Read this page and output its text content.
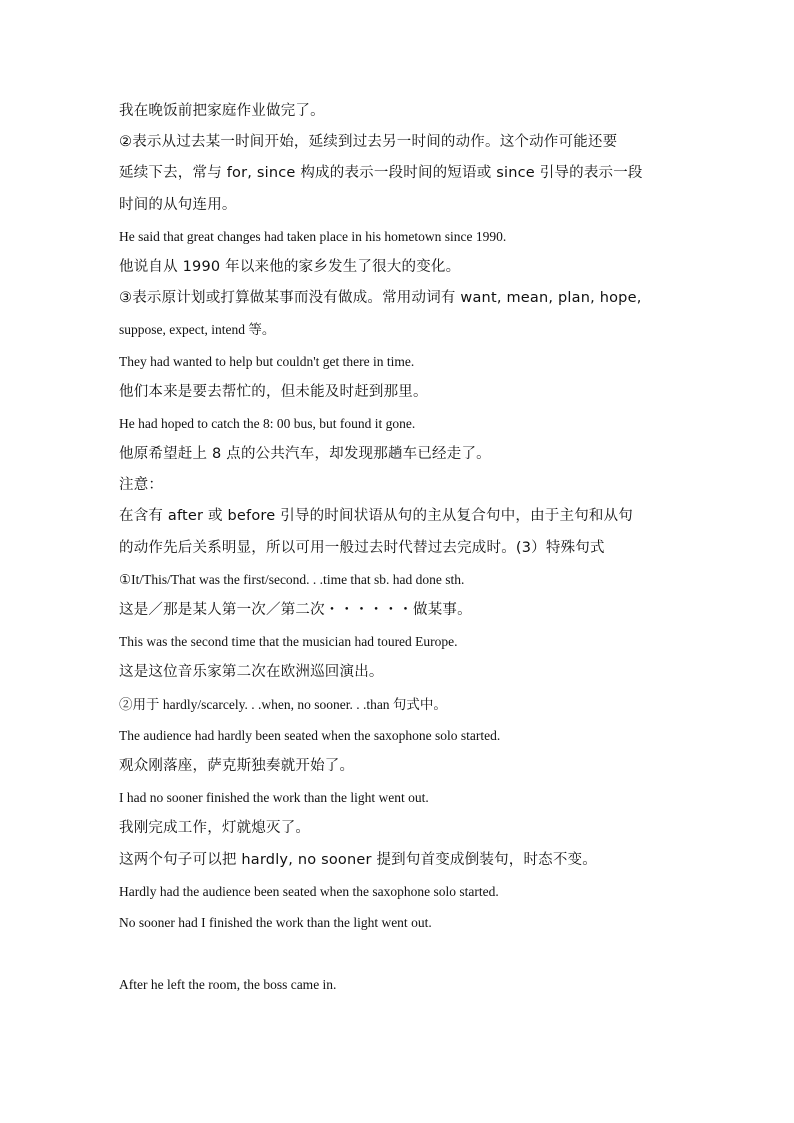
我在晚饭前把家庭作业做完了。

②表示从过去某一时间开始，延续到过去另一时间的动作。这个动作可能还要

延续下去，常与 for, since 构成的表示一段时间的短语或 since 引导的表示一段

时间的从句连用。

He said that great changes had taken place in his hometown since 1990.

他说自从 1990 年以来他的家乡发生了很大的变化。

③表示原计划或打算做某事而没有做成。常用动词有 want, mean, plan, hope,

suppose, expect, intend 等。

They had wanted to help but couldn't get there in time.

他们本来是要去帮忙的，但未能及时赶到那里。

He had hoped to catch the 8: 00 bus, but found it gone.

他原希望赶上 8 点的公共汽车，却发现那趟车已经走了。

注意：

在含有 after 或 before 引导的时间状语从句的主从复合句中，由于主句和从句

的动作先后关系明显，所以可用一般过去时代替过去完成时。(3）特殊句式

①It/This/That was the first/second. . .time that sb. had done sth.

这是／那是某人第一次／第二次・・・・・・做某事。

This was the second time that the musician had toured Europe.

这是这位音乐家第二次在欧洲巡回演出。

②用于 hardly/scarcely. . .when, no sooner. . .than 句式中。

The audience had hardly been seated when the saxophone solo started.

观众刚落座，萨克斯独奏就开始了。

I had no sooner finished the work than the light went out.

我刚完成工作，灯就熄灭了。

这两个句子可以把 hardly, no sooner 提到句首变成倒装句，时态不变。

Hardly had the audience been seated when the saxophone solo started.

No sooner had I finished the work than the light went out.

After he left the room, the boss came in.
